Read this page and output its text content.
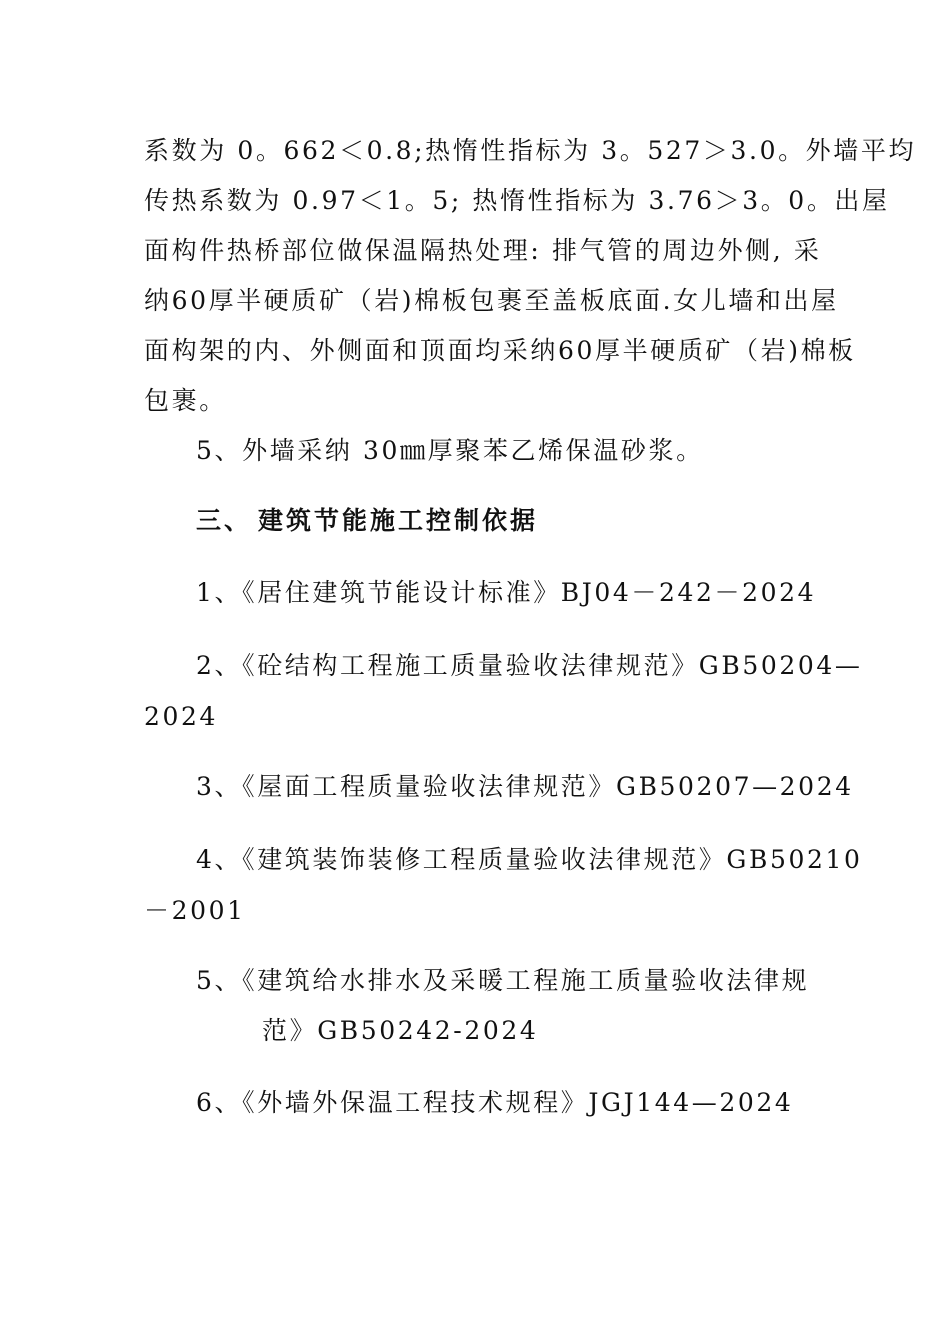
系数为 0。662＜0.8;热惰性指标为 3。527＞3.0。外墙平均
传热系数为 0.97＜1。5; 热惰性指标为 3.76＞3。0。出屋
面构件热桥部位做保温隔热处理: 排气管的周边外侧, 采
纳60厚半硬质矿（岩)棉板包裹至盖板底面.女儿墙和出屋
面构架的内、外侧面和顶面均采纳60厚半硬质矿（岩)棉板
包裹。
5、外墙采纳 30㎜厚聚苯乙烯保温砂浆。
三、 建筑节能施工控制依据
1、《居住建筑节能设计标准》BJ04－242－2024
2、《砼结构工程施工质量验收法律规范》GB50204—
2024
3、《屋面工程质量验收法律规范》GB50207—2024
4、《建筑装饰装修工程质量验收法律规范》GB50210
－2001
5、《建筑给水排水及采暖工程施工质量验收法律规
范》GB50242-2024
6、《外墙外保温工程技术规程》JGJ144—2024
